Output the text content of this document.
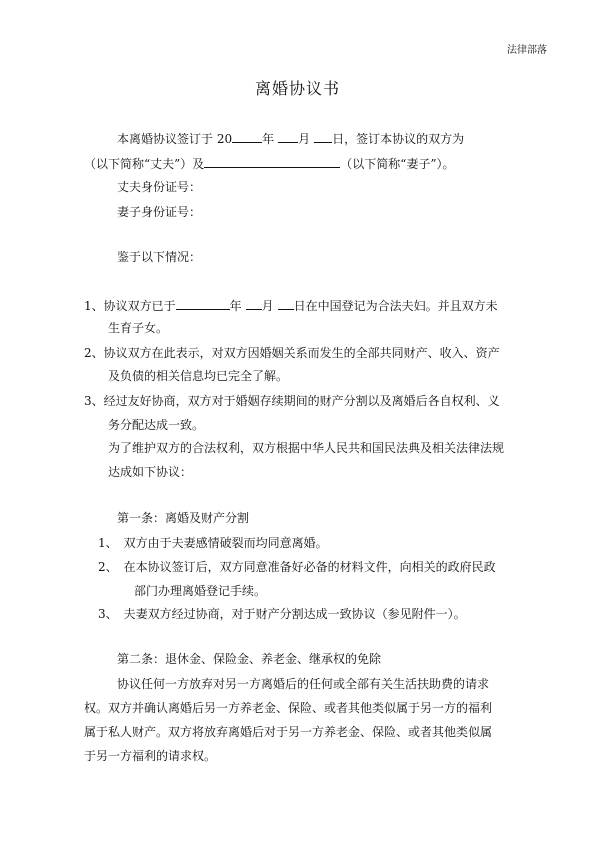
法律部落
离婚协议书
本离婚协议签订于 20	年 月 日，签订本协议的双方为
（以下简称“丈夫”）及	（以下简称“妻子”）。
丈夫身份证号：
妻子身份证号：
鉴于以下情况：
1、协议双方已于	年 月 日在中国登记为合法夫妇。并且双方未
生育子女。
2、协议双方在此表示，对双方因婚姻关系而发生的全部共同财产、收入、资产
及负债的相关信息均已完全了解。
3、经过友好协商，双方对于婚姻存续期间的财产分割以及离婚后各自权利、义
务分配达成一致。
为了维护双方的合法权利，双方根据中华人民共和国民法典及相关法律法规
达成如下协议：
第一条：离婚及财产分割
1、　双方由于夫妻感情破裂而均同意离婚。
2、　在本协议签订后，双方同意准备好必备的材料文件，向相关的政府民政
部门办理离婚登记手续。
3、　夫妻双方经过协商，对于财产分割达成一致协议（参见附件一）。
第二条：退休金、保险金、养老金、继承权的免除
协议任何一方放弃对另一方离婚后的任何或全部有关生活扶助费的请求
权。双方并确认离婚后另一方养老金、保险、或者其他类似属于另一方的福利
属于私人财产。双方将放弃离婚后对于另一方养老金、保险、或者其他类似属
于另一方福利的请求权。
